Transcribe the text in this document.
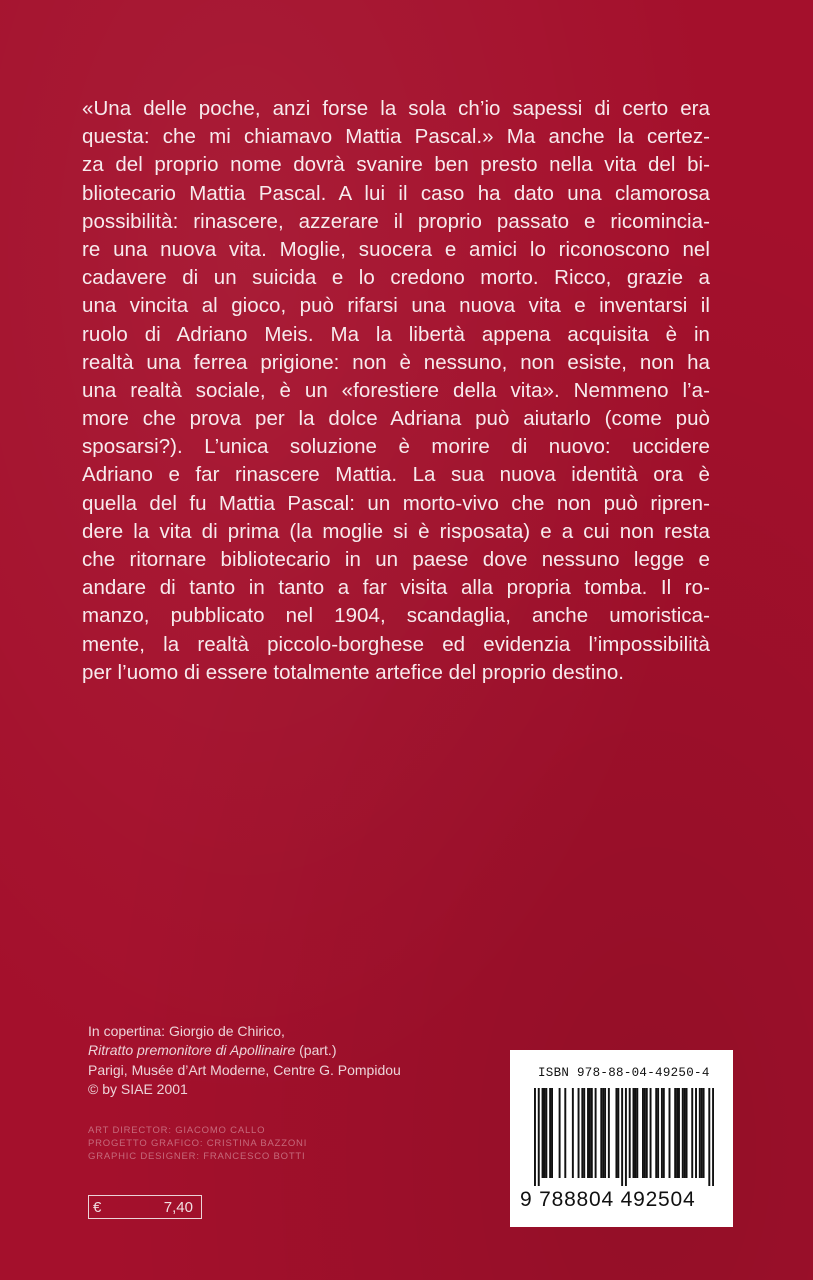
«Una delle poche, anzi forse la sola ch’io sapessi di certo era
questa: che mi chiamavo Mattia Pascal.» Ma anche la certez-
za del proprio nome dovrà svanire ben presto nella vita del bi-
bliotecario Mattia Pascal. A lui il caso ha dato una clamorosa
possibilità: rinascere, azzerare il proprio passato e ricomincia-
re una nuova vita. Moglie, suocera e amici lo riconoscono nel
cadavere di un suicida e lo credono morto. Ricco, grazie a
una vincita al gioco, può rifarsi una nuova vita e inventarsi il
ruolo di Adriano Meis. Ma la libertà appena acquisita è in
realtà una ferrea prigione: non è nessuno, non esiste, non ha
una realtà sociale, è un «forestiere della vita». Nemmeno l’a-
more che prova per la dolce Adriana può aiutarlo (come può
sposarsi?). L’unica soluzione è morire di nuovo: uccidere
Adriano e far rinascere Mattia. La sua nuova identità ora è
quella del fu Mattia Pascal: un morto-vivo che non può ripren-
dere la vita di prima (la moglie si è risposata) e a cui non resta
che ritornare bibliotecario in un paese dove nessuno legge e
andare di tanto in tanto a far visita alla propria tomba. Il ro-
manzo, pubblicato nel 1904, scandaglia, anche umoristica-
mente, la realtà piccolo-borghese ed evidenzia l’impossibilità
per l’uomo di essere totalmente artefice del proprio destino.
In copertina: Giorgio de Chirico,
Ritratto premonitore di Apollinaire (part.)
Parigi, Musée d’Art Moderne, Centre G. Pompidou
© by SIAE 2001
ART DIRECTOR: GIACOMO CALLO
PROGETTO GRAFICO: CRISTINA BAZZONI
GRAPHIC DESIGNER: FRANCESCO BOTTI
€	7,40
ISBN 978-88-04-49250-4
9 788804 492504
